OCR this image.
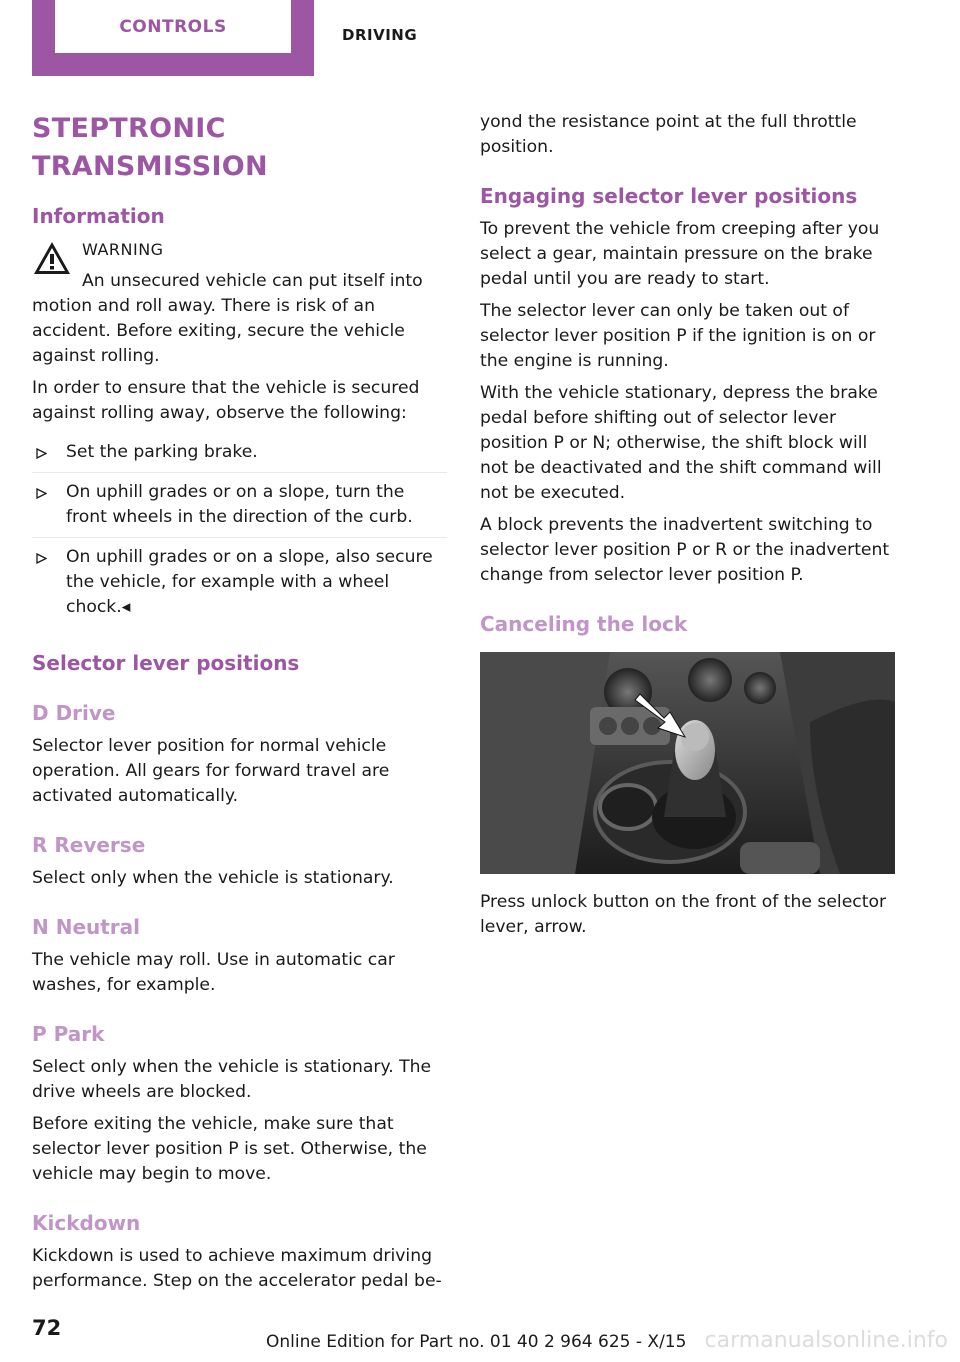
CONTROLS	DRIVING
STEPTRONIC TRANSMISSION
Information
WARNING

An unsecured vehicle can put itself into motion and roll away. There is risk of an accident. Before exiting, secure the vehicle against rolling.

In order to ensure that the vehicle is secured against rolling away, observe the following:

Set the parking brake.
On uphill grades or on a slope, turn the front wheels in the direction of the curb.
On uphill grades or on a slope, also secure the vehicle, for example with a wheel chock.◂
Selector lever positions
D Drive

Selector lever position for normal vehicle operation. All gears for forward travel are activated automatically.

R Reverse

Select only when the vehicle is stationary.

N Neutral

The vehicle may roll. Use in automatic car washes, for example.

P Park

Select only when the vehicle is stationary. The drive wheels are blocked.

Before exiting the vehicle, make sure that selector lever position P is set. Otherwise, the vehicle may begin to move.

Kickdown

Kickdown is used to achieve maximum driving performance. Step on the accelerator pedal be-

yond the resistance point at the full throttle position.

Engaging selector lever positions

To prevent the vehicle from creeping after you select a gear, maintain pressure on the brake pedal until you are ready to start.

The selector lever can only be taken out of selector lever position P if the ignition is on or the engine is running.

With the vehicle stationary, depress the brake pedal before shifting out of selector lever position P or N; otherwise, the shift block will not be deactivated and the shift command will not be executed.

A block prevents the inadvertent switching to selector lever position P or R or the inadvertent change from selector lever position P.

Canceling the lock

Press unlock button on the front of the selector lever, arrow.

72
Online Edition for Part no. 01 40 2 964 625 - X/15 carmanualsonline.info
